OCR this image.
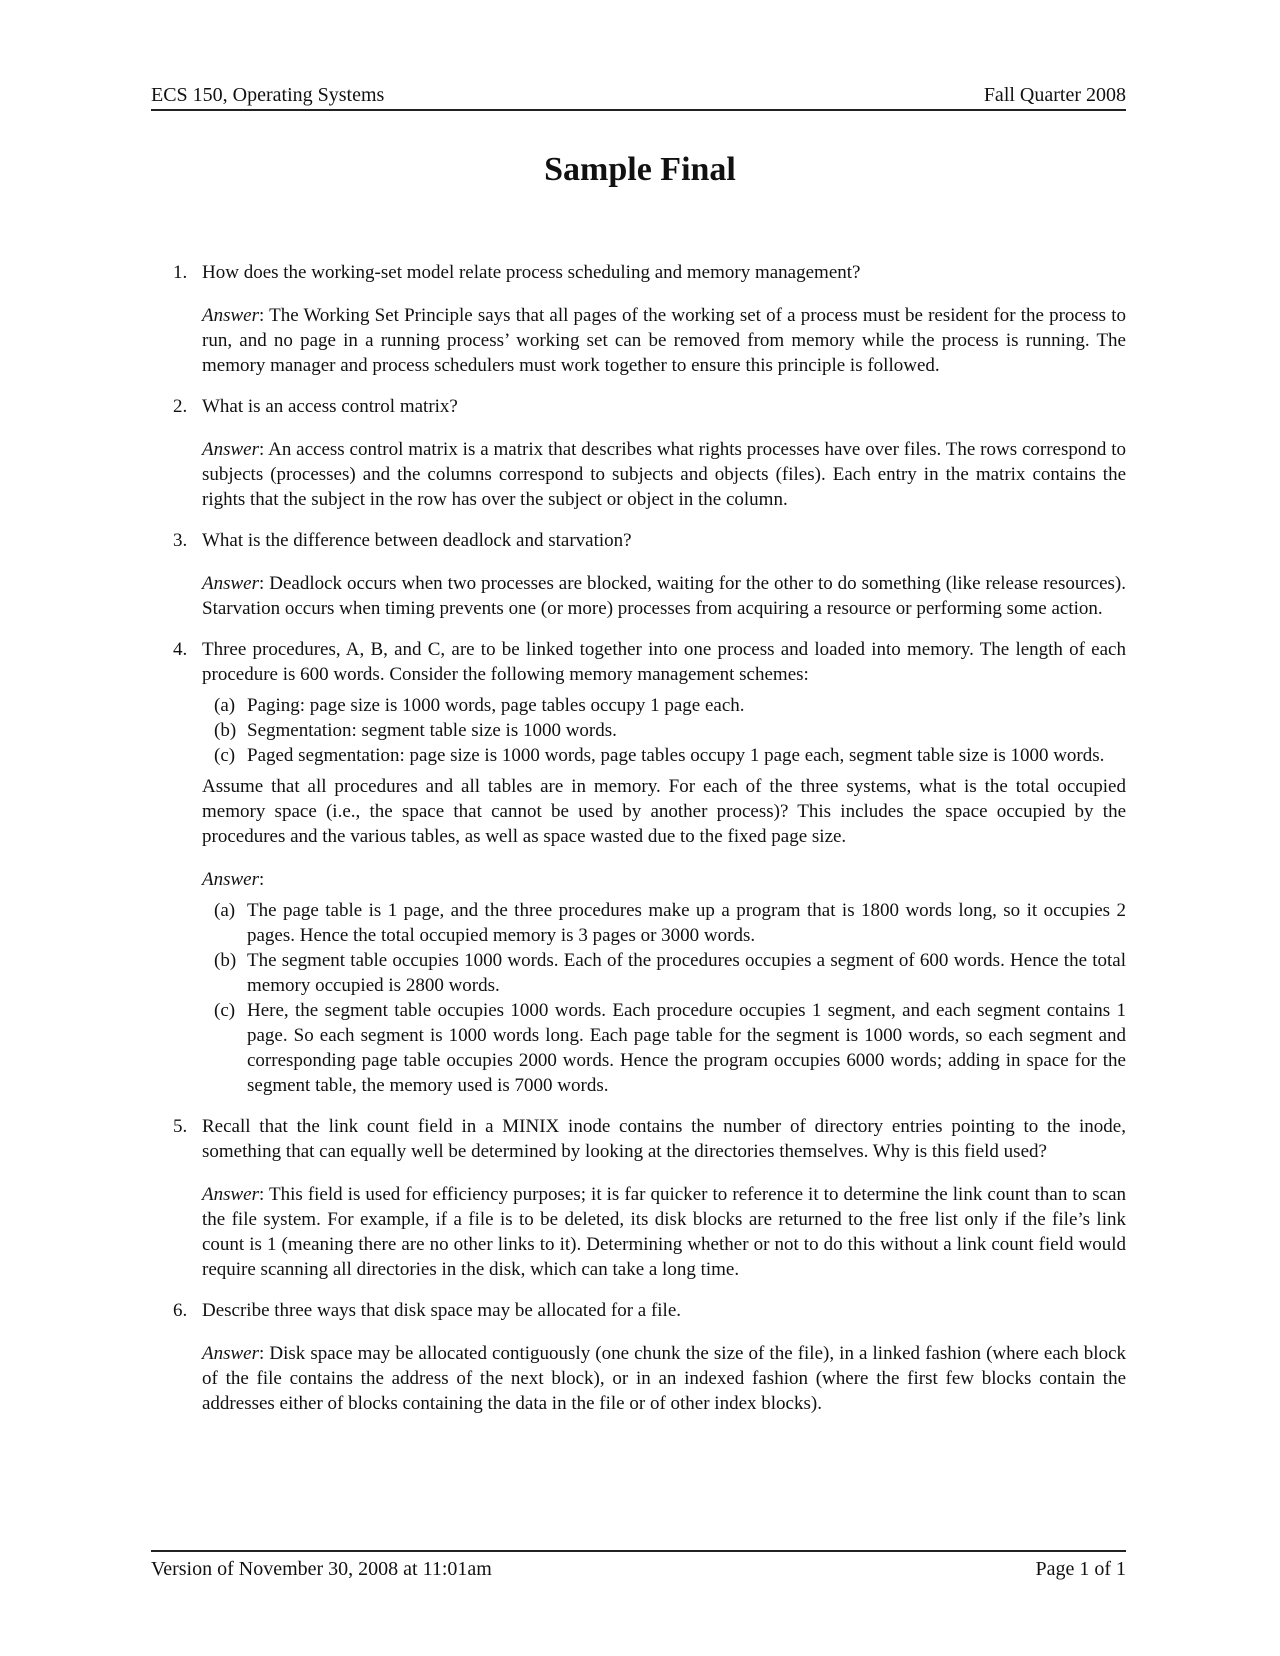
ECS 150, Operating Systems	Fall Quarter 2008
Sample Final
1. How does the working-set model relate process scheduling and memory management?

Answer: The Working Set Principle says that all pages of the working set of a process must be resident for the process to run, and no page in a running process’ working set can be removed from memory while the process is running. The memory manager and process schedulers must work together to ensure this principle is followed.

2. What is an access control matrix?

Answer: An access control matrix is a matrix that describes what rights processes have over files. The rows correspond to subjects (processes) and the columns correspond to subjects and objects (files). Each entry in the matrix contains the rights that the subject in the row has over the subject or object in the column.

3. What is the difference between deadlock and starvation?

Answer: Deadlock occurs when two processes are blocked, waiting for the other to do something (like release resources). Starvation occurs when timing prevents one (or more) processes from acquiring a resource or performing some action.

4. Three procedures, A, B, and C, are to be linked together into one process and loaded into memory. The length of each procedure is 600 words. Consider the following memory management schemes:

(a) Paging: page size is 1000 words, page tables occupy 1 page each.
(b) Segmentation: segment table size is 1000 words.
(c) Paged segmentation: page size is 1000 words, page tables occupy 1 page each, segment table size is 1000 words.

Assume that all procedures and all tables are in memory. For each of the three systems, what is the total occupied memory space (i.e., the space that cannot be used by another process)? This includes the space occupied by the procedures and the various tables, as well as space wasted due to the fixed page size.

Answer:

(a) The page table is 1 page, and the three procedures make up a program that is 1800 words long, so it occupies 2 pages. Hence the total occupied memory is 3 pages or 3000 words.
(b) The segment table occupies 1000 words. Each of the procedures occupies a segment of 600 words. Hence the total memory occupied is 2800 words.
(c) Here, the segment table occupies 1000 words. Each procedure occupies 1 segment, and each segment contains 1 page. So each segment is 1000 words long. Each page table for the segment is 1000 words, so each segment and corresponding page table occupies 2000 words. Hence the program occupies 6000 words; adding in space for the segment table, the memory used is 7000 words.
5. Recall that the link count field in a MINIX inode contains the number of directory entries pointing to the inode, something that can equally well be determined by looking at the directories themselves. Why is this field used?

Answer: This field is used for efficiency purposes; it is far quicker to reference it to determine the link count than to scan the file system. For example, if a file is to be deleted, its disk blocks are returned to the free list only if the file’s link count is 1 (meaning there are no other links to it). Determining whether or not to do this without a link count field would require scanning all directories in the disk, which can take a long time.

6. Describe three ways that disk space may be allocated for a file.

Answer: Disk space may be allocated contiguously (one chunk the size of the file), in a linked fashion (where each block of the file contains the address of the next block), or in an indexed fashion (where the first few blocks contain the addresses either of blocks containing the data in the file or of other index blocks).

Version of November 30, 2008 at 11:01am	Page 1 of 1
